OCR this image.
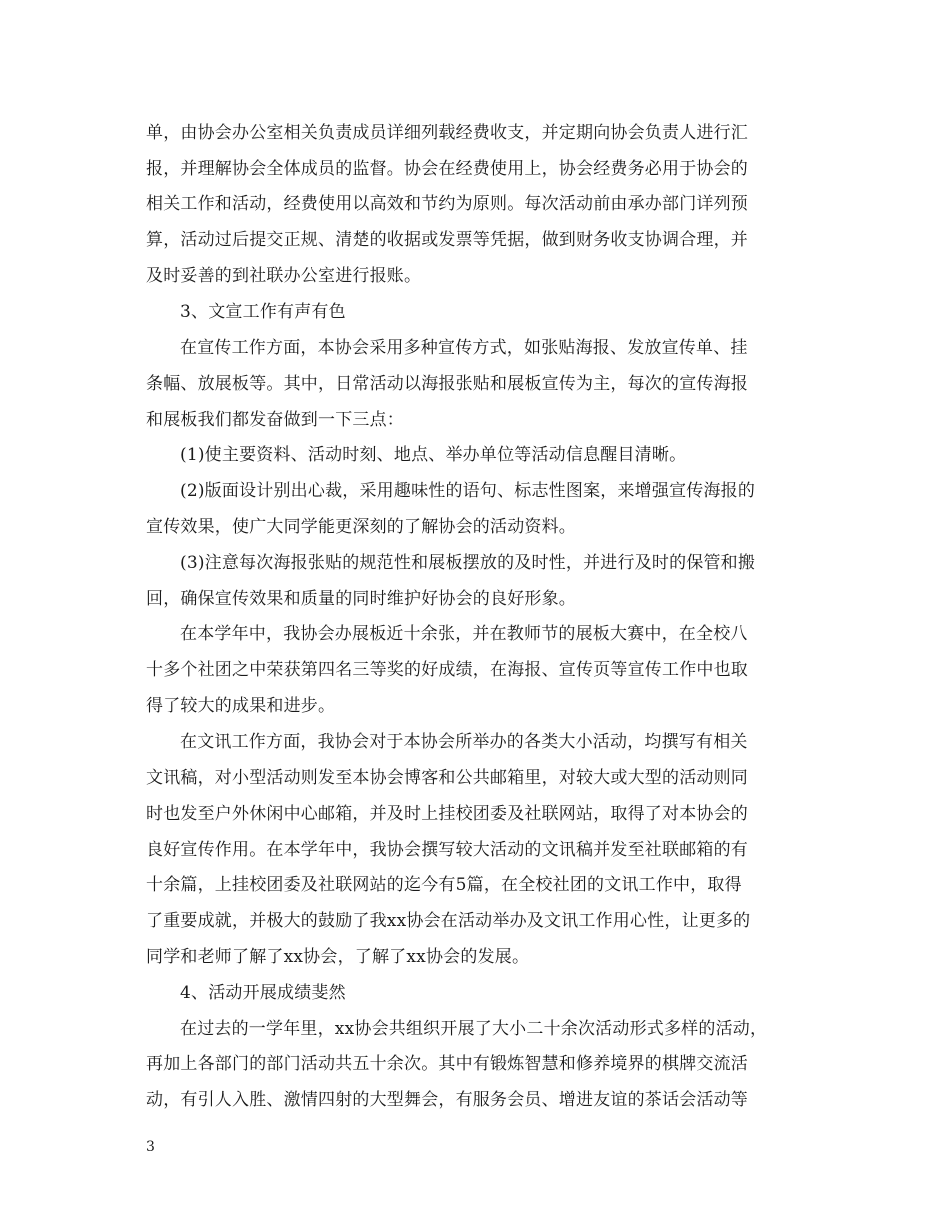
单，由协会办公室相关负责成员详细列载经费收支，并定期向协会负责人进行汇
报，并理解协会全体成员的监督。协会在经费使用上，协会经费务必用于协会的
相关工作和活动，经费使用以高效和节约为原则。每次活动前由承办部门详列预
算，活动过后提交正规、清楚的收据或发票等凭据，做到财务收支协调合理，并
及时妥善的到社联办公室进行报账。
3、文宣工作有声有色
在宣传工作方面，本协会采用多种宣传方式，如张贴海报、发放宣传单、挂
条幅、放展板等。其中，日常活动以海报张贴和展板宣传为主，每次的宣传海报
和展板我们都发奋做到一下三点：
(1)使主要资料、活动时刻、地点、举办单位等活动信息醒目清晰。
(2)版面设计别出心裁，采用趣味性的语句、标志性图案，来增强宣传海报的
宣传效果，使广大同学能更深刻的了解协会的活动资料。
(3)注意每次海报张贴的规范性和展板摆放的及时性，并进行及时的保管和搬
回，确保宣传效果和质量的同时维护好协会的良好形象。
在本学年中，我协会办展板近十余张，并在教师节的展板大赛中，在全校八
十多个社团之中荣获第四名三等奖的好成绩，在海报、宣传页等宣传工作中也取
得了较大的成果和进步。
在文讯工作方面，我协会对于本协会所举办的各类大小活动，均撰写有相关
文讯稿，对小型活动则发至本协会博客和公共邮箱里，对较大或大型的活动则同
时也发至户外休闲中心邮箱，并及时上挂校团委及社联网站，取得了对本协会的
良好宣传作用。在本学年中，我协会撰写较大活动的文讯稿并发至社联邮箱的有
十余篇，上挂校团委及社联网站的迄今有5篇，在全校社团的文讯工作中，取得
了重要成就，并极大的鼓励了我xx协会在活动举办及文讯工作用心性，让更多的
同学和老师了解了xx协会，了解了xx协会的发展。
4、活动开展成绩斐然
在过去的一学年里，xx协会共组织开展了大小二十余次活动形式多样的活动，
再加上各部门的部门活动共五十余次。其中有锻炼智慧和修养境界的棋牌交流活
动，有引人入胜、激情四射的大型舞会，有服务会员、增进友谊的茶话会活动等
3
